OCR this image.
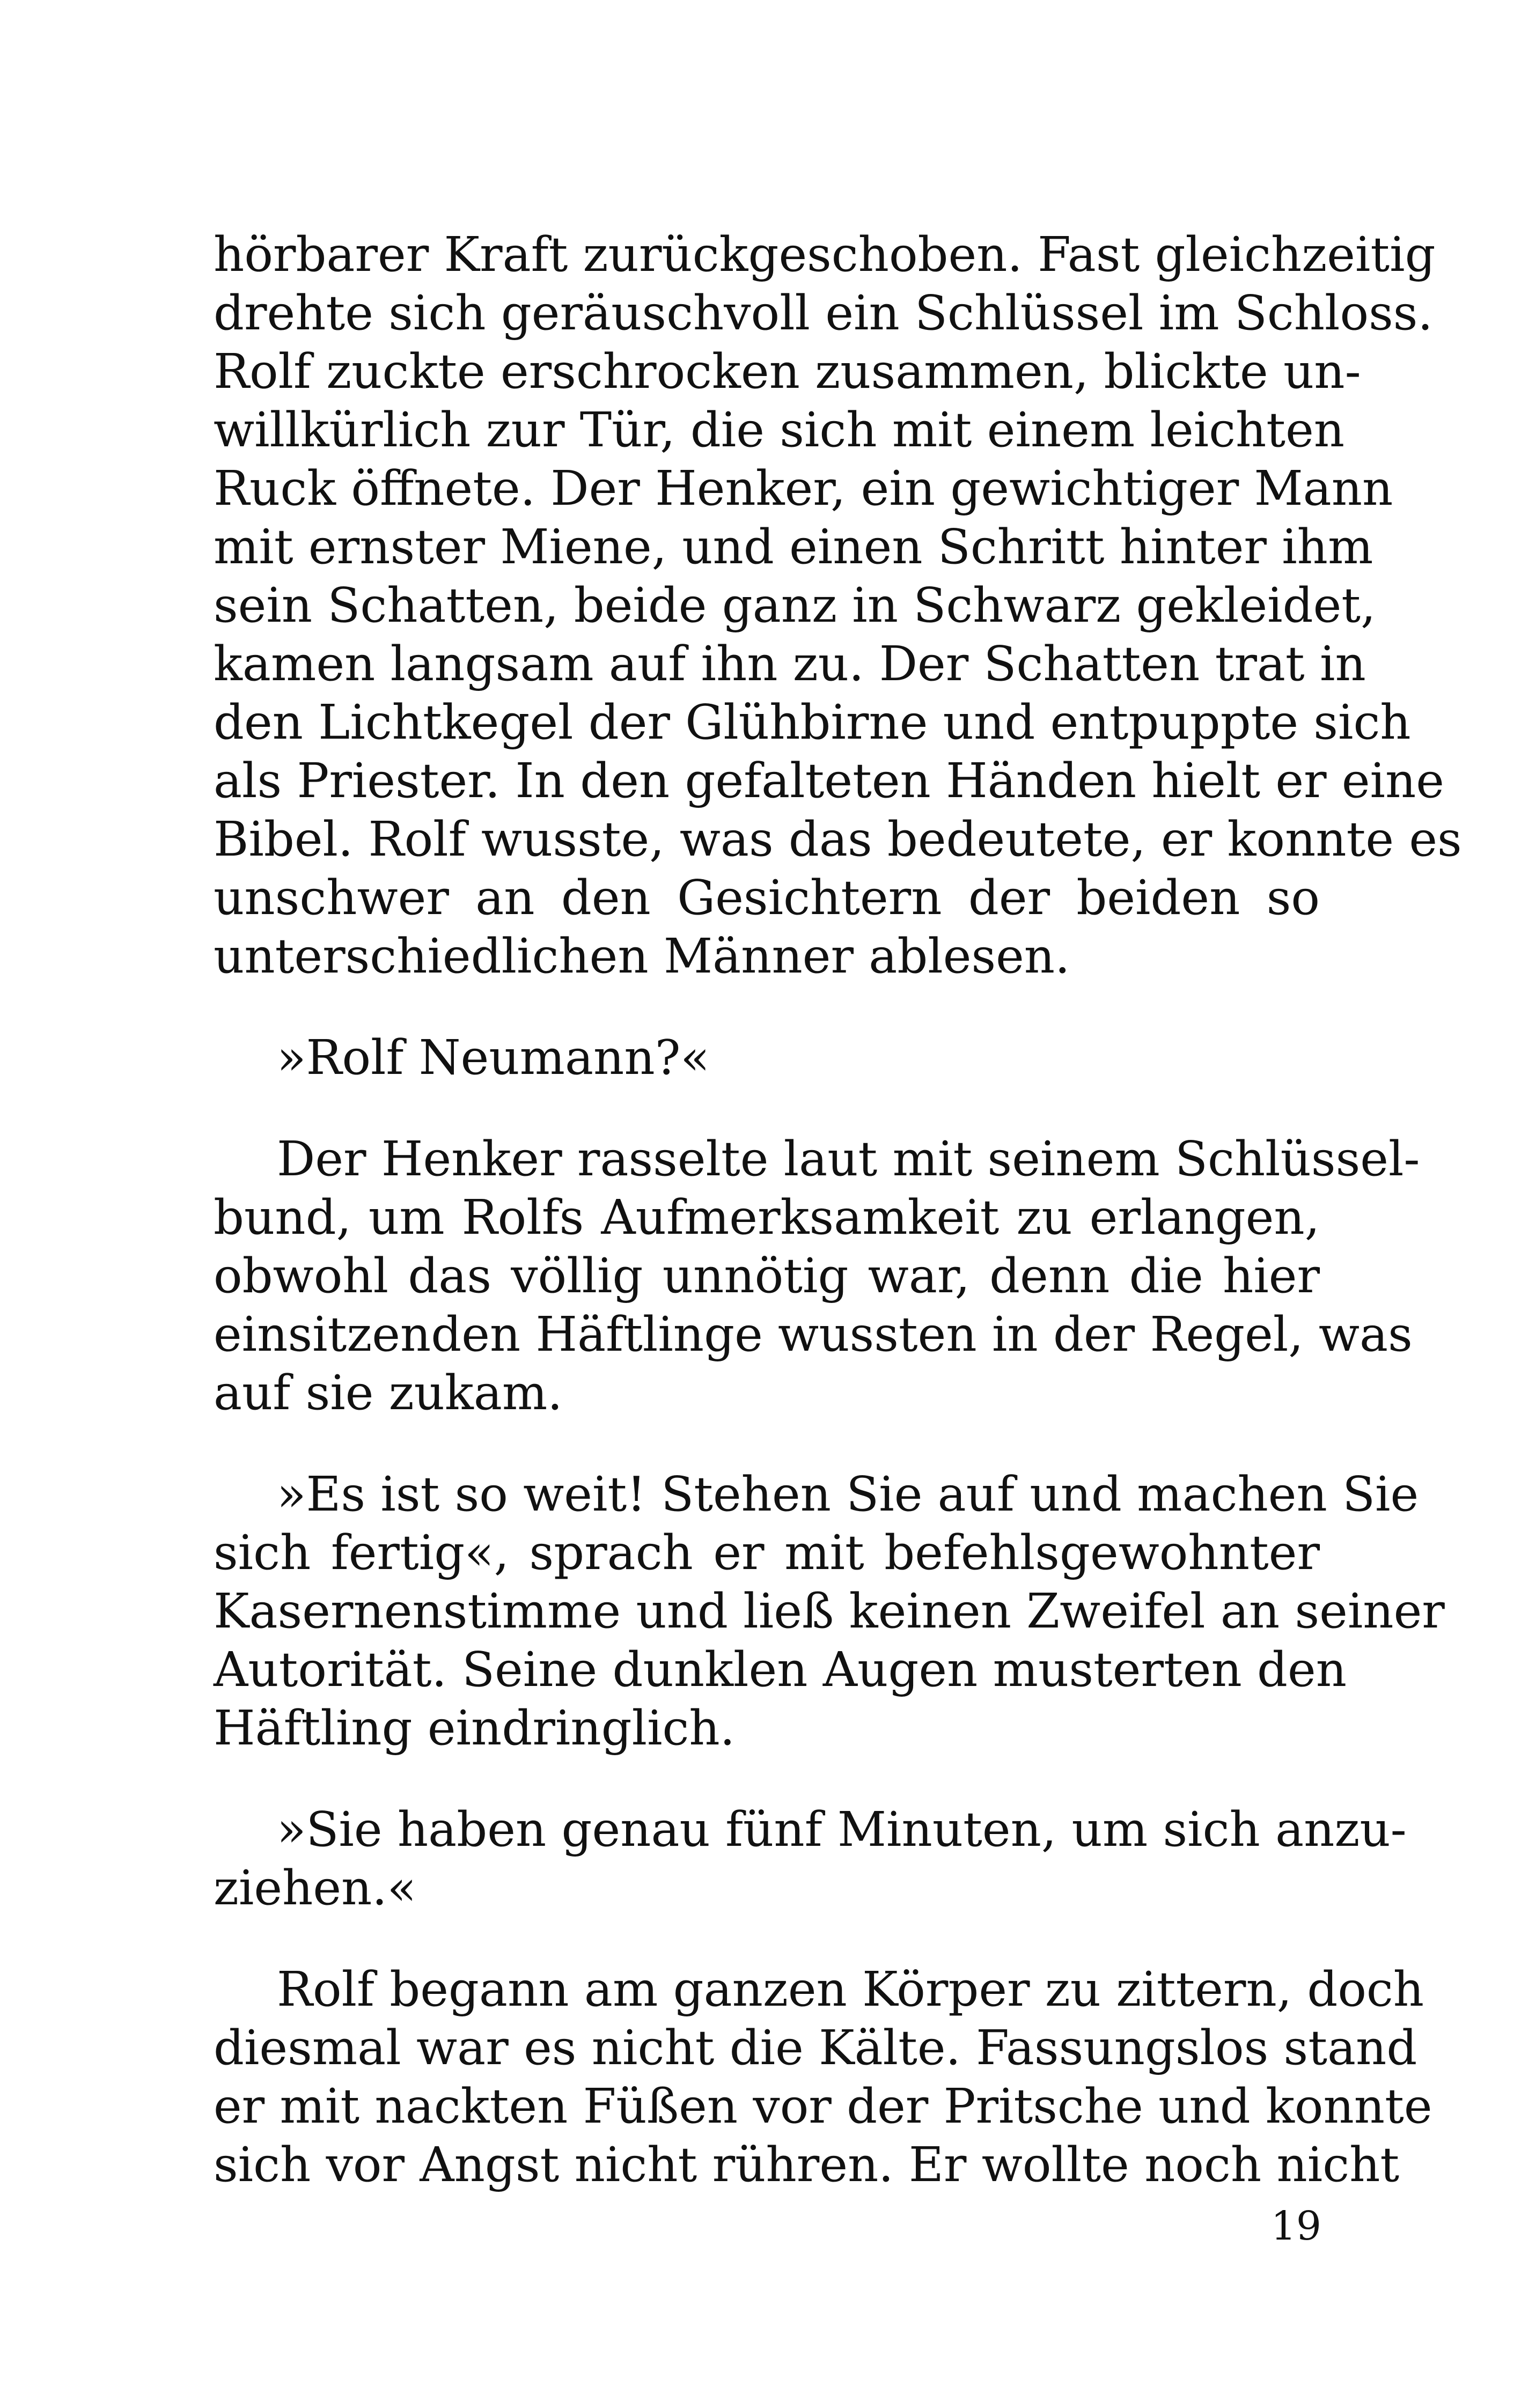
hörbarer Kraft zurückgeschoben. Fast gleichzeitig
drehte sich geräuschvoll ein Schlüssel im Schloss.
Rolf zuckte erschrocken zusammen, blickte un-
willkürlich zur Tür, die sich mit einem leichten
Ruck öffnete. Der Henker, ein gewichtiger Mann
mit ernster Miene, und einen Schritt hinter ihm
sein Schatten, beide ganz in Schwarz gekleidet,
kamen langsam auf ihn zu. Der Schatten trat in
den Lichtkegel der Glühbirne und entpuppte sich
als Priester. In den gefalteten Händen hielt er eine
Bibel. Rolf wusste, was das bedeutete, er konnte es
unschwer an den Gesichtern der beiden so
unterschiedlichen Männer ablesen.

»Rolf Neumann?«

Der Henker rasselte laut mit seinem Schlüssel-
bund, um Rolfs Aufmerksamkeit zu erlangen,
obwohl das völlig unnötig war, denn die hier
einsitzenden Häftlinge wussten in der Regel, was
auf sie zukam.

»Es ist so weit! Stehen Sie auf und machen Sie
sich fertig«, sprach er mit befehlsgewohnter
Kasernenstimme und ließ keinen Zweifel an seiner
Autorität. Seine dunklen Augen musterten den
Häftling eindringlich.

»Sie haben genau fünf Minuten, um sich anzu-
ziehen.«

Rolf begann am ganzen Körper zu zittern, doch
diesmal war es nicht die Kälte. Fassungslos stand
er mit nackten Füßen vor der Pritsche und konnte
sich vor Angst nicht rühren. Er wollte noch nicht

19
